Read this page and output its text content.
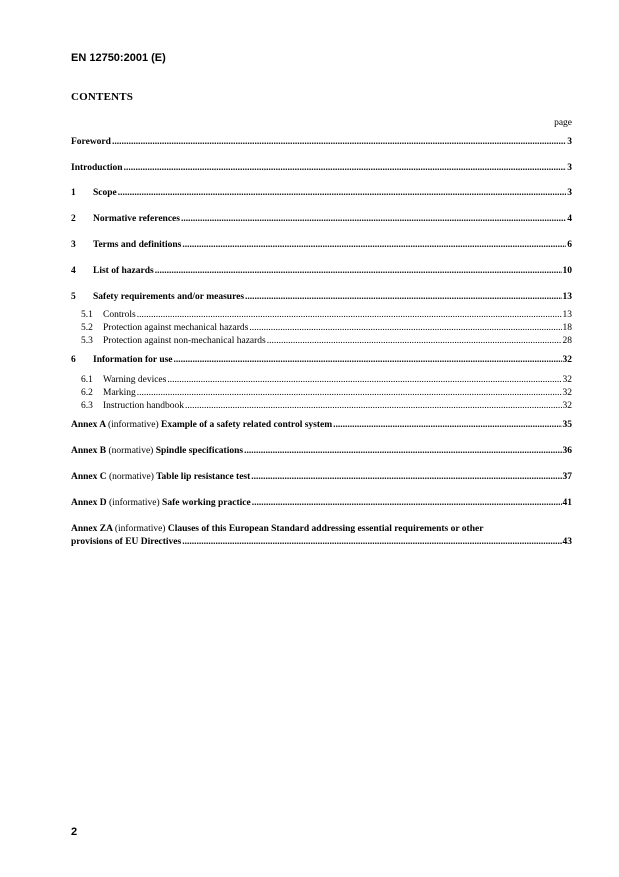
EN 12750:2001 (E)
CONTENTS
page
Foreword .....	3
Introduction .....	3
1	Scope .....	3
2	Normative references .....	4
3	Terms and definitions .....	6
4	List of hazards .....	10
5	Safety requirements and/or measures .....	13
5.1	Controls .....	13
5.2	Protection against mechanical hazards .....	18
5.3	Protection against non-mechanical hazards .....	28
6	Information for use .....	32
6.1	Warning devices .....	32
6.2	Marking .....	32
6.3	Instruction handbook .....	32
Annex A (informative) Example of a safety related control system .....	35
Annex B (normative) Spindle specifications .....	36
Annex C (normative) Table lip resistance test .....	37
Annex D (informative) Safe working practice .....	41
Annex ZA (informative) Clauses of this European Standard addressing essential requirements or other
provisions of EU Directives .....	43
2
